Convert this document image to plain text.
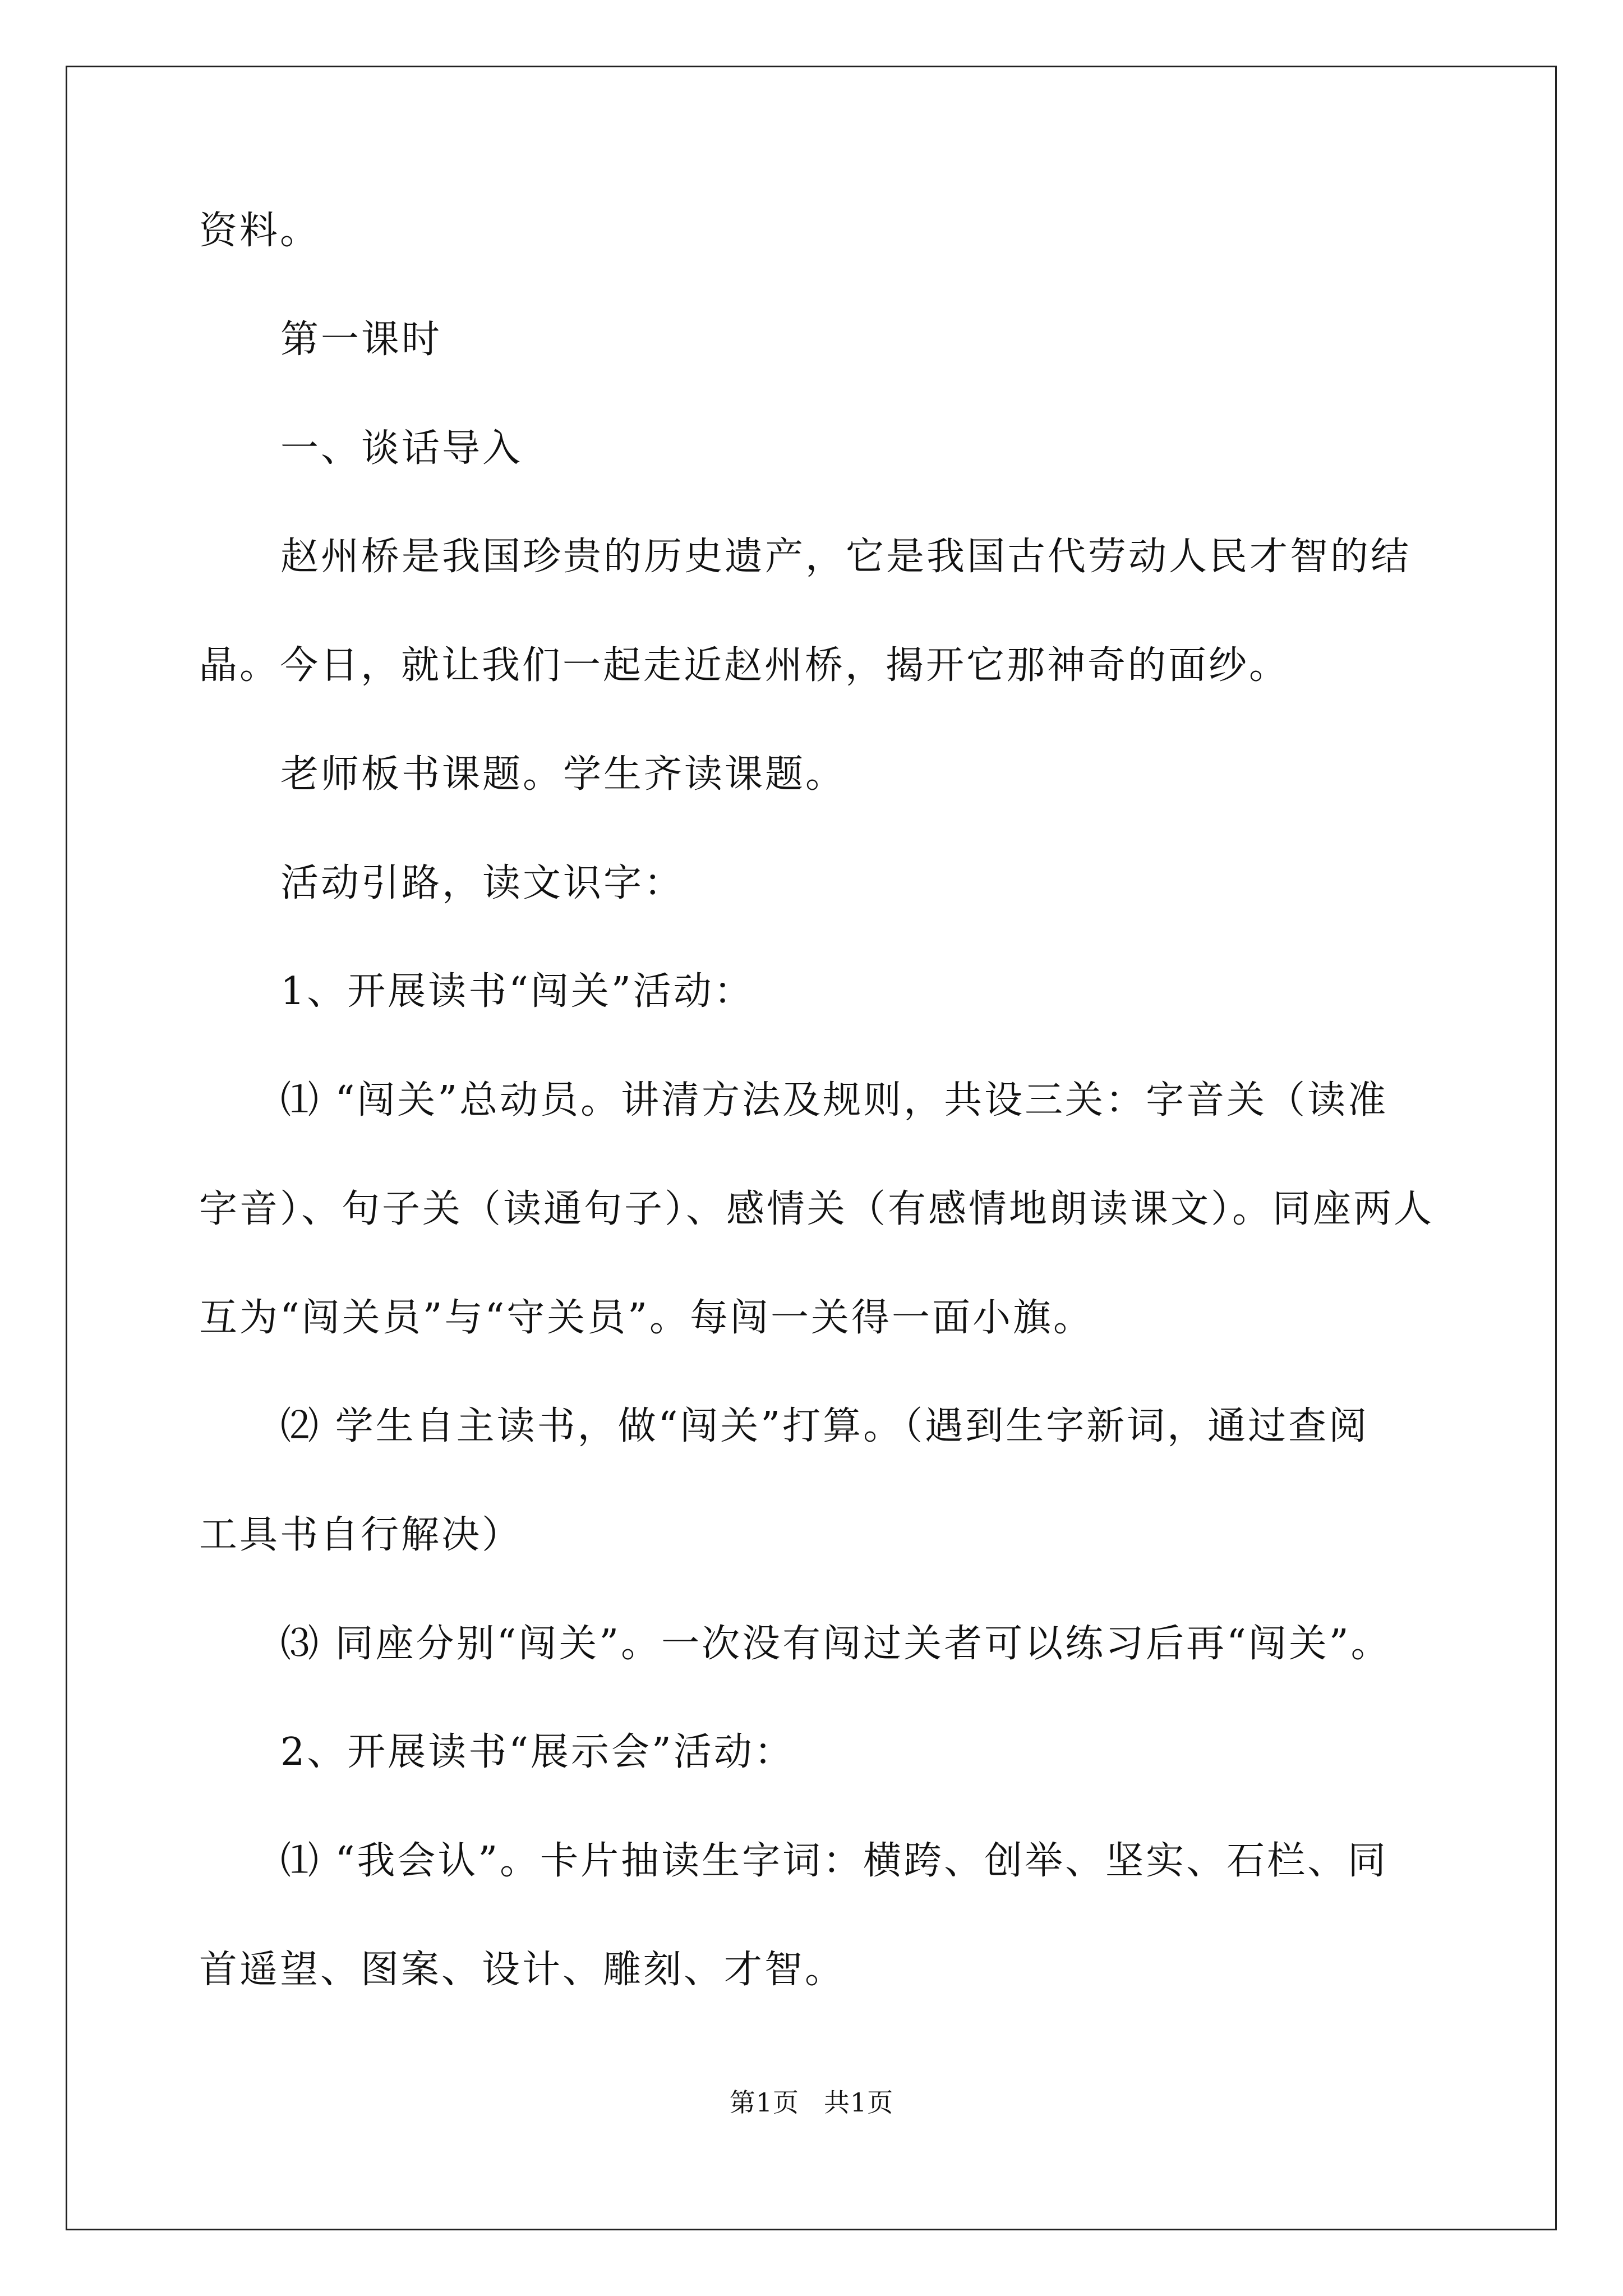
资料。
第一课时
一、谈话导入
赵州桥是我国珍贵的历史遗产，它是我国古代劳动人民才智的结
晶。今日，就让我们一起走近赵州桥，揭开它那神奇的面纱。
老师板书课题。学生齐读课题。
活动引路，读文识字：
1、开展读书“闯关”活动：
⑴ “闯关”总动员。讲清方法及规则，共设三关：字音关（读准
字音）、句子关（读通句子）、感情关（有感情地朗读课文）。同座两人
互为“闯关员”与“守关员”。每闯一关得一面小旗。
⑵ 学生自主读书，做“闯关”打算。（遇到生字新词，通过查阅
工具书自行解决）
⑶ 同座分别“闯关”。一次没有闯过关者可以练习后再“闯关”。
2、开展读书“展示会”活动：
⑴ “我会认”。卡片抽读生字词：横跨、创举、坚实、石栏、同
首遥望、图案、设计、雕刻、才智。
第1页 共1页
